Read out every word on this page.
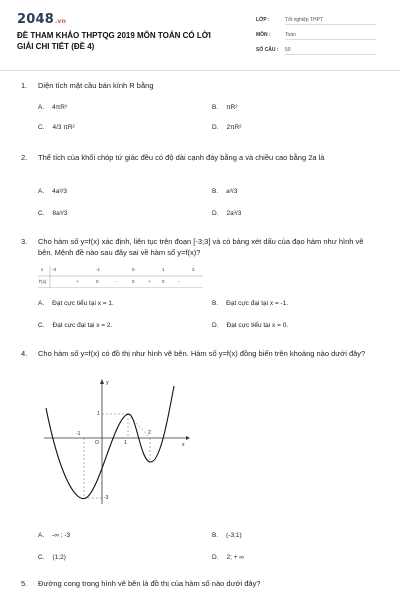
2048.vn
ĐỀ THAM KHẢO THPTQG 2019 MÔN TOÁN CÓ LỜI GIẢI CHI TIẾT (ĐỀ 4)
LỚP :	Tốt nghiệp THPT
MÔN :	Toán
SỐ CÂU : 50
1. Diện tích mặt cầu bán kính R bằng
A. 4πR²	B. πR²
C. 4/3 πR²	D. 2πR²
2. Thể tích của khối chóp tứ giác đều có độ dài cạnh đáy bằng a và chiều cao bằng 2a là
A. 4a³/3	B. a³/3
C. 8a³/3	D. 2a³/3
3. Cho hàm số y=f(x) xác định, liên tục trên đoạn [-3;3] và có bảng xét dấu của đạo hàm như hình vẽ bên. Mệnh đề nào sau đây sai về hàm số y=f(x)?
x -3	-1	0	1	2
f'(x)	+	0	-	0	+	0	-
A. Đạt cực tiểu tại x = 1.	B. Đạt cực đại tại x = -1.
C. Đạt cực đại tại x = 2.	D. Đạt cực tiểu tại x = 0.
4. Cho hàm số y=f(x) có đồ thị như hình vẽ bên. Hàm số y=f(x) đồng biến trên khoảng nào dưới đây?
y
x
O
-1
1
2
-3
1
A. -∞ ; -3	B. (-3;1)
C. (1;2)	D. 2; + ∞
5. Đường cong trong hình vẽ bên là đồ thị của hàm số nào dưới đây?
